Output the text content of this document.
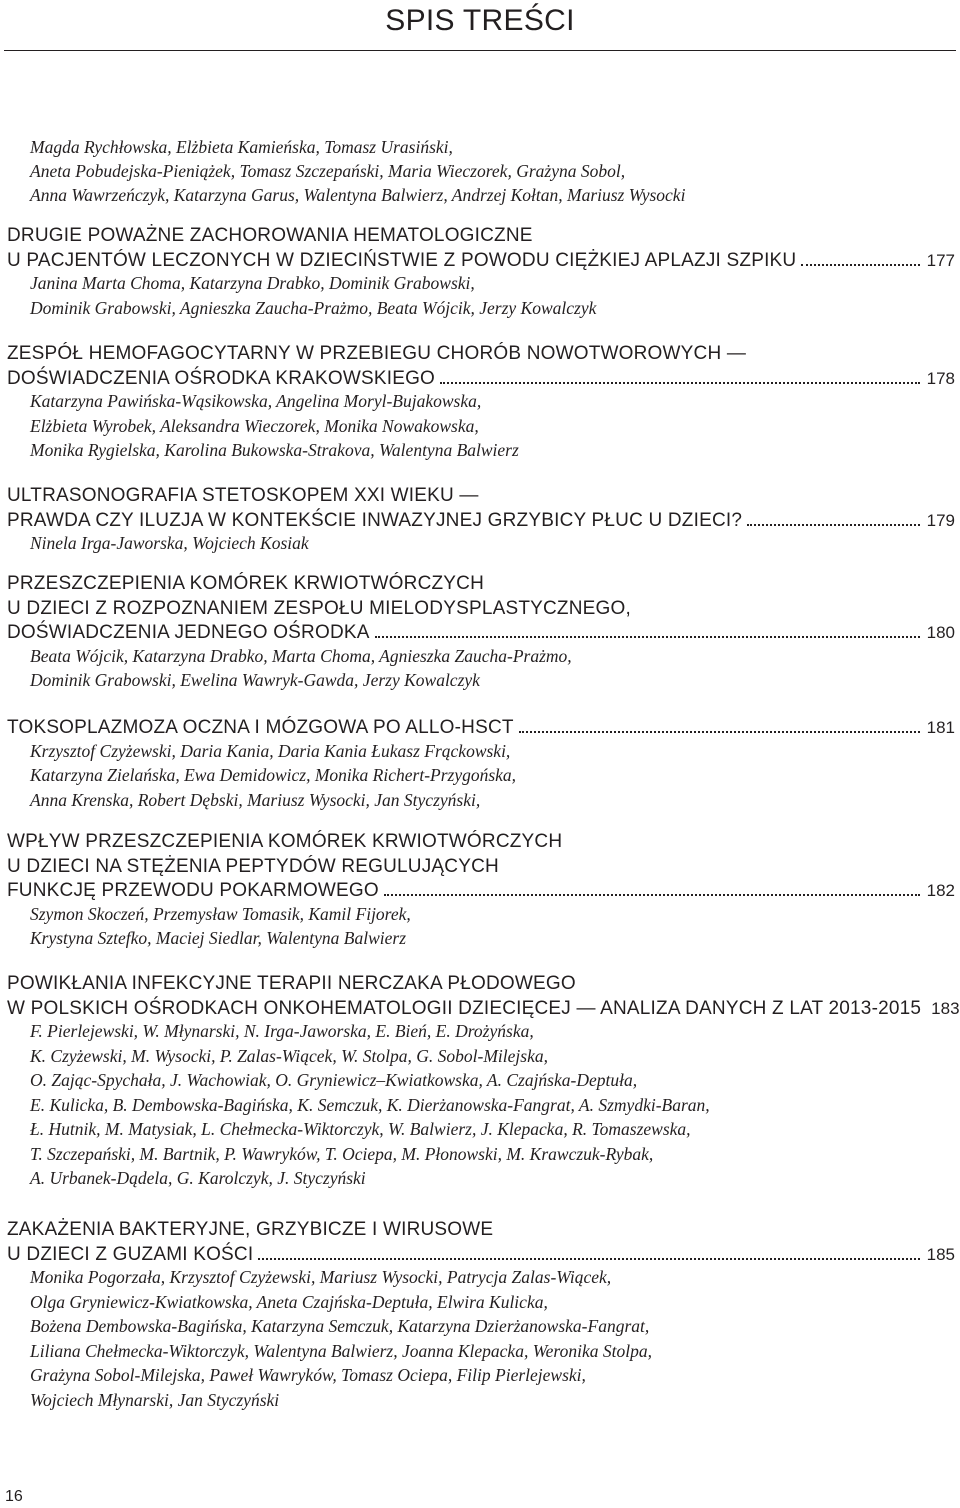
SPIS TREŚCI
Magda Rychłowska, Elżbieta Kamieńska, Tomasz Urasiński,
Aneta Pobudejska-Pieniążek, Tomasz Szczepański, Maria Wieczorek, Grażyna Sobol,
Anna Wawrzeńczyk, Katarzyna Garus, Walentyna Balwierz, Andrzej Kołtan, Mariusz Wysocki
DRUGIE POWAŻNE ZACHOROWANIA HEMATOLOGICZNE
U PACJENTÓW LECZONYCH W DZIECIŃSTWIE Z POWODU CIĘŻKIEJ APLAZJI SZPIKU	177
Janina Marta Choma, Katarzyna Drabko, Dominik Grabowski,
Dominik Grabowski, Agnieszka Zaucha-Prażmo, Beata Wójcik, Jerzy Kowalczyk
ZESPÓŁ HEMOFAGOCYTARNY W PRZEBIEGU CHORÓB NOWOTWOROWYCH —
DOŚWIADCZENIA OŚRODKA KRAKOWSKIEGO	178
Katarzyna Pawińska-Wąsikowska, Angelina Moryl-Bujakowska,
Elżbieta Wyrobek, Aleksandra Wieczorek, Monika Nowakowska,
Monika Rygielska, Karolina Bukowska-Strakova, Walentyna Balwierz
ULTRASONOGRAFIA STETOSKOPEM XXI WIEKU —
PRAWDA CZY ILUZJA W KONTEKŚCIE INWAZYJNEJ GRZYBICY PŁUC U DZIECI?	179
Ninela Irga-Jaworska, Wojciech Kosiak
PRZESZCZEPIENIA KOMÓREK KRWIOTWÓRCZYCH
U DZIECI Z ROZPOZNANIEM ZESPOŁU MIELODYSPLASTYCZNEGO,
DOŚWIADCZENIA JEDNEGO OŚRODKA	180
Beata Wójcik, Katarzyna Drabko, Marta Choma, Agnieszka Zaucha-Prażmo,
Dominik Grabowski, Ewelina Wawryk-Gawda, Jerzy Kowalczyk
TOKSOPLAZMOZA OCZNA I MÓZGOWA PO ALLO-HSCT	181
Krzysztof Czyżewski, Daria Kania, Daria Kania Łukasz Frąckowski,
Katarzyna Zielańska, Ewa Demidowicz, Monika Richert-Przygońska,
Anna Krenska, Robert Dębski, Mariusz Wysocki, Jan Styczyński,
WPŁYW PRZESZCZEPIENIA KOMÓREK KRWIOTWÓRCZYCH
U DZIECI NA STĘŻENIA PEPTYDÓW REGULUJĄCYCH
FUNKCJĘ PRZEWODU POKARMOWEGO	182
Szymon Skoczeń, Przemysław Tomasik, Kamil Fijorek,
Krystyna Sztefko, Maciej Siedlar, Walentyna Balwierz
POWIKŁANIA INFEKCYJNE TERAPII NERCZAKA PŁODOWEGO
W POLSKICH OŚRODKACH ONKOHEMATOLOGII DZIECIĘCEJ — ANALIZA DANYCH Z LAT 2013-2015 183
F. Pierlejewski, W. Młynarski, N. Irga-Jaworska, E. Bień, E. Drożyńska,
K. Czyżewski, M. Wysocki, P. Zalas-Wiącek, W. Stolpa, G. Sobol-Milejska,
O. Zając-Spychała, J. Wachowiak, O. Gryniewicz–Kwiatkowska, A. Czajńska-Deptuła,
E. Kulicka, B. Dembowska-Bagińska, K. Semczuk, K. Dierżanowska-Fangrat, A. Szmydki-Baran,
Ł. Hutnik, M. Matysiak, L. Chełmecka-Wiktorczyk, W. Balwierz, J. Klepacka, R. Tomaszewska,
T. Szczepański, M. Bartnik, P. Wawryków, T. Ociepa, M. Płonowski, M. Krawczuk-Rybak,
A. Urbanek-Dądela, G. Karolczyk, J. Styczyński
ZAKAŻENIA BAKTERYJNE, GRZYBICZE I WIRUSOWE
U DZIECI Z GUZAMI KOŚCI	185
Monika Pogorzała, Krzysztof Czyżewski, Mariusz Wysocki, Patrycja Zalas-Wiącek,
Olga Gryniewicz-Kwiatkowska, Aneta Czajńska-Deptuła, Elwira Kulicka,
Bożena Dembowska-Bagińska, Katarzyna Semczuk, Katarzyna Dzierżanowska-Fangrat,
Liliana Chełmecka-Wiktorczyk, Walentyna Balwierz, Joanna Klepacka, Weronika Stolpa,
Grażyna Sobol-Milejska, Paweł Wawryków, Tomasz Ociepa, Filip Pierlejewski,
Wojciech Młynarski, Jan Styczyński
16
